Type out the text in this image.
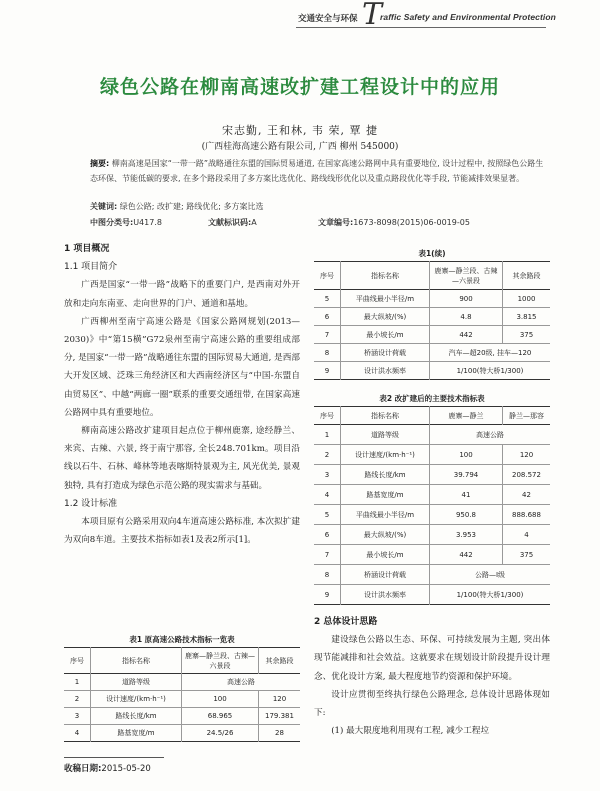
交通安全与环保 T
raffic Safety and Environmental Protection
绿色公路在柳南高速改扩建工程设计中的应用
宋志勤, 王和林, 韦 荣, 覃 捷
(广西桂海高速公路有限公司, 广西 柳州 545000)
摘要: 柳南高速是国家“一带一路”战略通往东盟的国际贸易通道, 在国家高速公路网中具有重要地位, 设计过程中, 按照绿色公路生态环保、节能低碳的要求, 在多个路段采用了多方案比选优化、路线线形优化以及重点路段优化等手段, 节能减排效果显著。
关键词: 绿色公路; 改扩建; 路线优化; 多方案比选
中图分类号:U417.8	文献标识码:A	文章编号:1673-8098(2015)06-0019-05
1 项目概况
1.1 项目简介

广西是国家“一带一路”战略下的重要门户, 是西南对外开放和走向东南亚、走向世界的门户、通道和基地。

广西柳州至南宁高速公路是《国家公路网规划(2013—2030)》中“第15横”G72泉州至南宁高速公路的重要组成部分, 是国家“一带一路”战略通往东盟的国际贸易大通道, 是西部大开发区域、泛珠三角经济区和大西南经济区与“中国-东盟自由贸易区”、中越“两廊一圈”联系的重要交通纽带, 在国家高速公路网中具有重要地位。

柳南高速公路改扩建项目起点位于柳州鹿寨, 途经静兰、来宾、古辣、六景, 终于南宁那容, 全长248.701km。项目沿线以石牛、石林、峰林等地表喀斯特景观为主, 风光优美, 景观独特, 具有打造成为绿色示范公路的现实需求与基础。

1.2 设计标准

本项目原有公路采用双向4车道高速公路标准, 本次拟扩建为双向8车道。主要技术指标如表1及表2所示[1]。

表1 原高速公路技术指标一览表
序号	指标名称	鹿寨—静兰段、古辣—六景段	其余路段
1	道路等级	高速公路	
2	设计速度/(km·h⁻¹)	100	120
3	路线长度/km	68.965	179.381
4	路基宽度/m	24.5/26	28
收稿日期:2015-05-20
表1(续)
序号	指标名称	鹿寨—静兰段、古辣—六景段	其余路段
5	平曲线最小半径/m	900	1000
6	最大纵坡/(%)	4.8	3.815
7	最小坡长/m	442	375
8	桥涵设计荷载	汽车—超20级, 挂车—120	
9	设计洪水频率	1/100(特大桥1/300)	
表2 改扩建后的主要技术指标表
序号	指标名称	鹿寨—静兰	静兰—那容
1	道路等级	高速公路	
2	设计速度/(km·h⁻¹)	100	120
3	路线长度/km	39.794	208.572
4	路基宽度/m	41	42
5	平曲线最小半径/m	950.8	888.688
6	最大纵坡/(%)	3.953	4
7	最小坡长/m	442	375
8	桥涵设计荷载	公路—I级	
9	设计洪水频率	1/100(特大桥1/300)	
2 总体设计思路

建设绿色公路以生态、环保、可持续发展为主题, 突出体现节能减排和社会效益。这就要求在规划设计阶段提升设计理念、优化设计方案, 最大程度地节约资源和保护环境。

设计应贯彻至终执行绿色公路理念, 总体设计思路体现如下:

(1) 最大限度地利用现有工程, 减少工程垃
